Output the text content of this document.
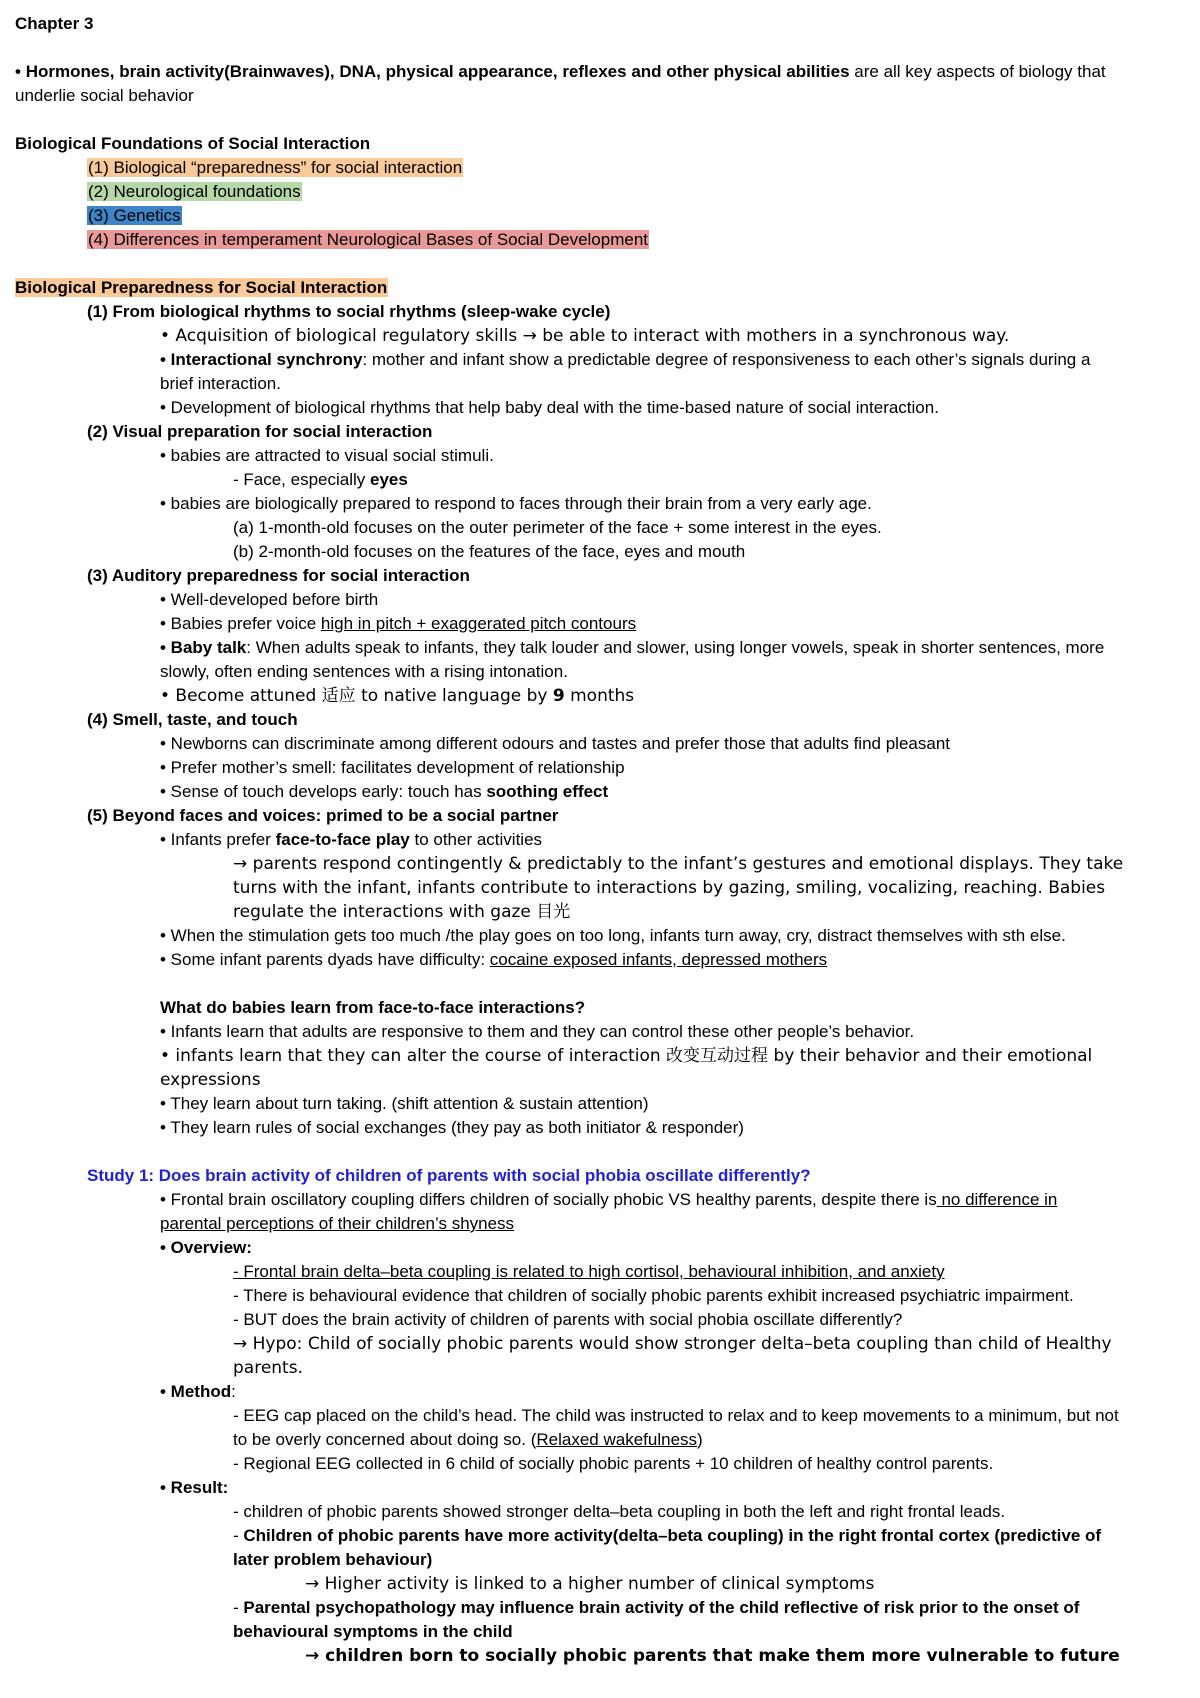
Chapter 3

• Hormones, brain activity(Brainwaves), DNA, physical appearance, reflexes and other physical abilities are all key aspects of biology that

underlie social behavior

Biological Foundations of Social Interaction

(1) Biological “preparedness” for social interaction

(2) Neurological foundations

(3) Genetics

(4) Differences in temperament Neurological Bases of Social Development

Biological Preparedness for Social Interaction

(1) From biological rhythms to social rhythms (sleep-wake cycle)

• Acquisition of biological regulatory skills → be able to interact with mothers in a synchronous way.

• Interactional synchrony: mother and infant show a predictable degree of responsiveness to each other’s signals during a

brief interaction.

• Development of biological rhythms that help baby deal with the time-based nature of social interaction.

(2) Visual preparation for social interaction

• babies are attracted to visual social stimuli.

- Face, especially eyes

• babies are biologically prepared to respond to faces through their brain from a very early age.

(a) 1-month-old focuses on the outer perimeter of the face + some interest in the eyes.

(b) 2-month-old focuses on the features of the face, eyes and mouth

(3) Auditory preparedness for social interaction

• Well-developed before birth

• Babies prefer voice high in pitch + exaggerated pitch contours

• Baby talk: When adults speak to infants, they talk louder and slower, using longer vowels, speak in shorter sentences, more

slowly, often ending sentences with a rising intonation.

• Become attuned 适应 to native language by 9 months

(4) Smell, taste, and touch

• Newborns can discriminate among different odours and tastes and prefer those that adults find pleasant

• Prefer mother’s smell: facilitates development of relationship

• Sense of touch develops early: touch has soothing effect

(5) Beyond faces and voices: primed to be a social partner

• Infants prefer face-to-face play to other activities

→ parents respond contingently & predictably to the infant’s gestures and emotional displays. They take

turns with the infant, infants contribute to interactions by gazing, smiling, vocalizing, reaching. Babies

regulate the interactions with gaze 目光

• When the stimulation gets too much /the play goes on too long, infants turn away, cry, distract themselves with sth else.

• Some infant parents dyads have difficulty: cocaine exposed infants, depressed mothers

What do babies learn from face-to-face interactions?

• Infants learn that adults are responsive to them and they can control these other people’s behavior.

• infants learn that they can alter the course of interaction 改变互动过程 by their behavior and their emotional

expressions

• They learn about turn taking. (shift attention & sustain attention)

• They learn rules of social exchanges (they pay as both initiator & responder)

Study 1: Does brain activity of children of parents with social phobia oscillate differently?

• Frontal brain oscillatory coupling differs children of socially phobic VS healthy parents, despite there is no difference in

parental perceptions of their children’s shyness

• Overview:

- Frontal brain delta–beta coupling is related to high cortisol, behavioural inhibition, and anxiety

- There is behavioural evidence that children of socially phobic parents exhibit increased psychiatric impairment.

- BUT does the brain activity of children of parents with social phobia oscillate differently?

→ Hypo: Child of socially phobic parents would show stronger delta–beta coupling than child of Healthy

parents.

• Method:

- EEG cap placed on the child’s head. The child was instructed to relax and to keep movements to a minimum, but not

to be overly concerned about doing so. (Relaxed wakefulness)

- Regional EEG collected in 6 child of socially phobic parents + 10 children of healthy control parents.

• Result:

- children of phobic parents showed stronger delta–beta coupling in both the left and right frontal leads.

- Children of phobic parents have more activity(delta–beta coupling) in the right frontal cortex (predictive of

later problem behaviour)

→ Higher activity is linked to a higher number of clinical symptoms

- Parental psychopathology may influence brain activity of the child reflective of risk prior to the onset of

behavioural symptoms in the child

→ children born to socially phobic parents that make them more vulnerable to future
